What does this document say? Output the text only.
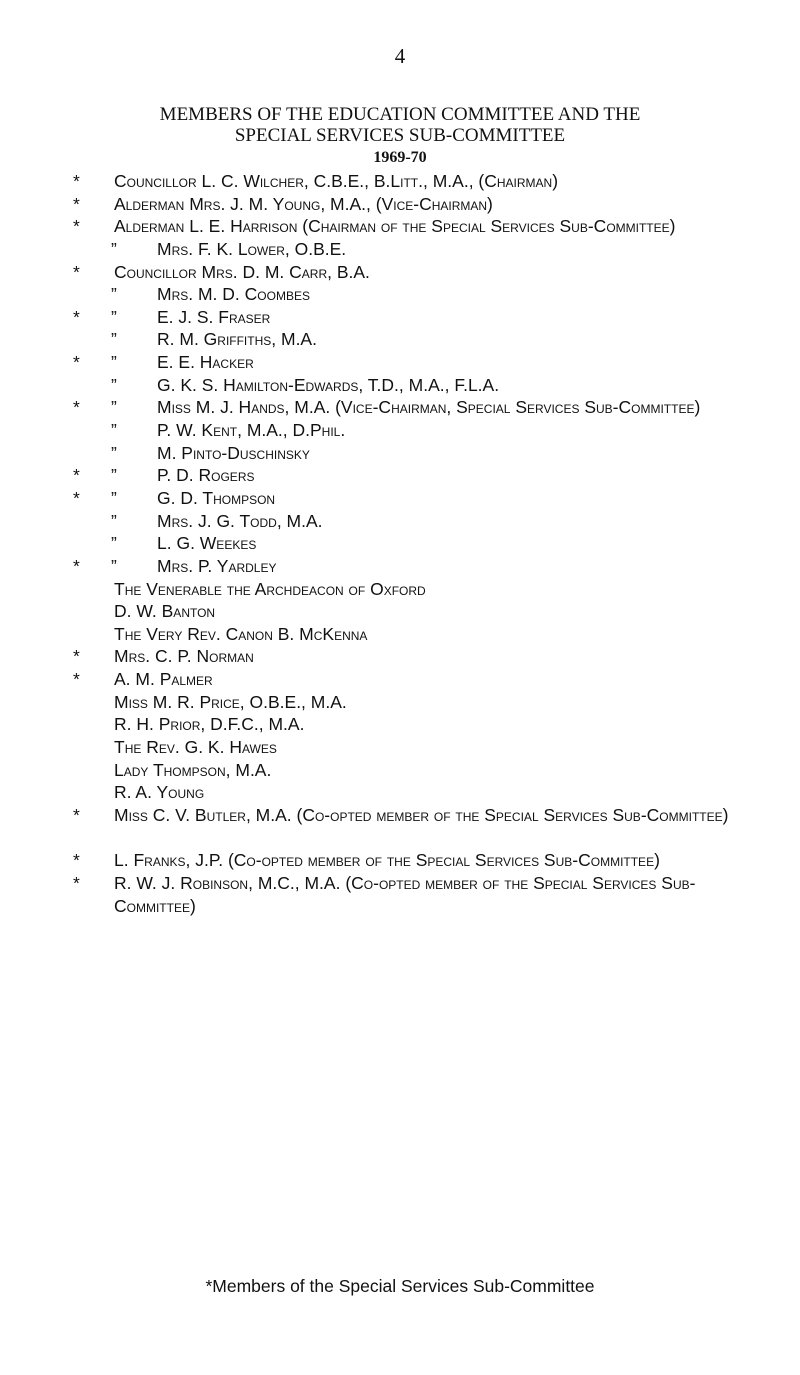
4
MEMBERS OF THE EDUCATION COMMITTEE AND THE
SPECIAL SERVICES SUB-COMMITTEE
1969-70
*	Councillor L. C. Wilcher, C.B.E., B.Litt., M.A., (Chairman)
*	Alderman Mrs. J. M. Young, M.A., (Vice-Chairman)
*	Alderman L. E. Harrison (Chairman of the Special Services Sub-Committee)
” Mrs. F. K. Lower, O.B.E.
*	Councillor Mrs. D. M. Carr, B.A.
” Mrs. M. D. Coombes
*	” E. J. S. Fraser
” R. M. Griffiths, M.A.
*	” E. E. Hacker
” G. K. S. Hamilton-Edwards, T.D., M.A., F.L.A.
*	” Miss M. J. Hands, M.A. (Vice-Chairman, Special Services Sub-Committee)
” P. W. Kent, M.A., D.Phil.
” M. Pinto-Duschinsky
*	” P. D. Rogers
*	” G. D. Thompson
” Mrs. J. G. Todd, M.A.
” L. G. Weekes
*	” Mrs. P. Yardley
The Venerable the Archdeacon of Oxford
D. W. Banton
The Very Rev. Canon B. McKenna
*	Mrs. C. P. Norman
*	A. M. Palmer
Miss M. R. Price, O.B.E., M.A.
R. H. Prior, D.F.C., M.A.
The Rev. G. K. Hawes
Lady Thompson, M.A.
R. A. Young
*	Miss C. V. Butler, M.A. (Co-opted member of the Special Services Sub-Committee)
*	L. Franks, J.P. (Co-opted member of the Special Services Sub-Committee)
*	R. W. J. Robinson, M.C., M.A. (Co-opted member of the Special Services Sub-Committee)
*Members of the Special Services Sub-Committee
